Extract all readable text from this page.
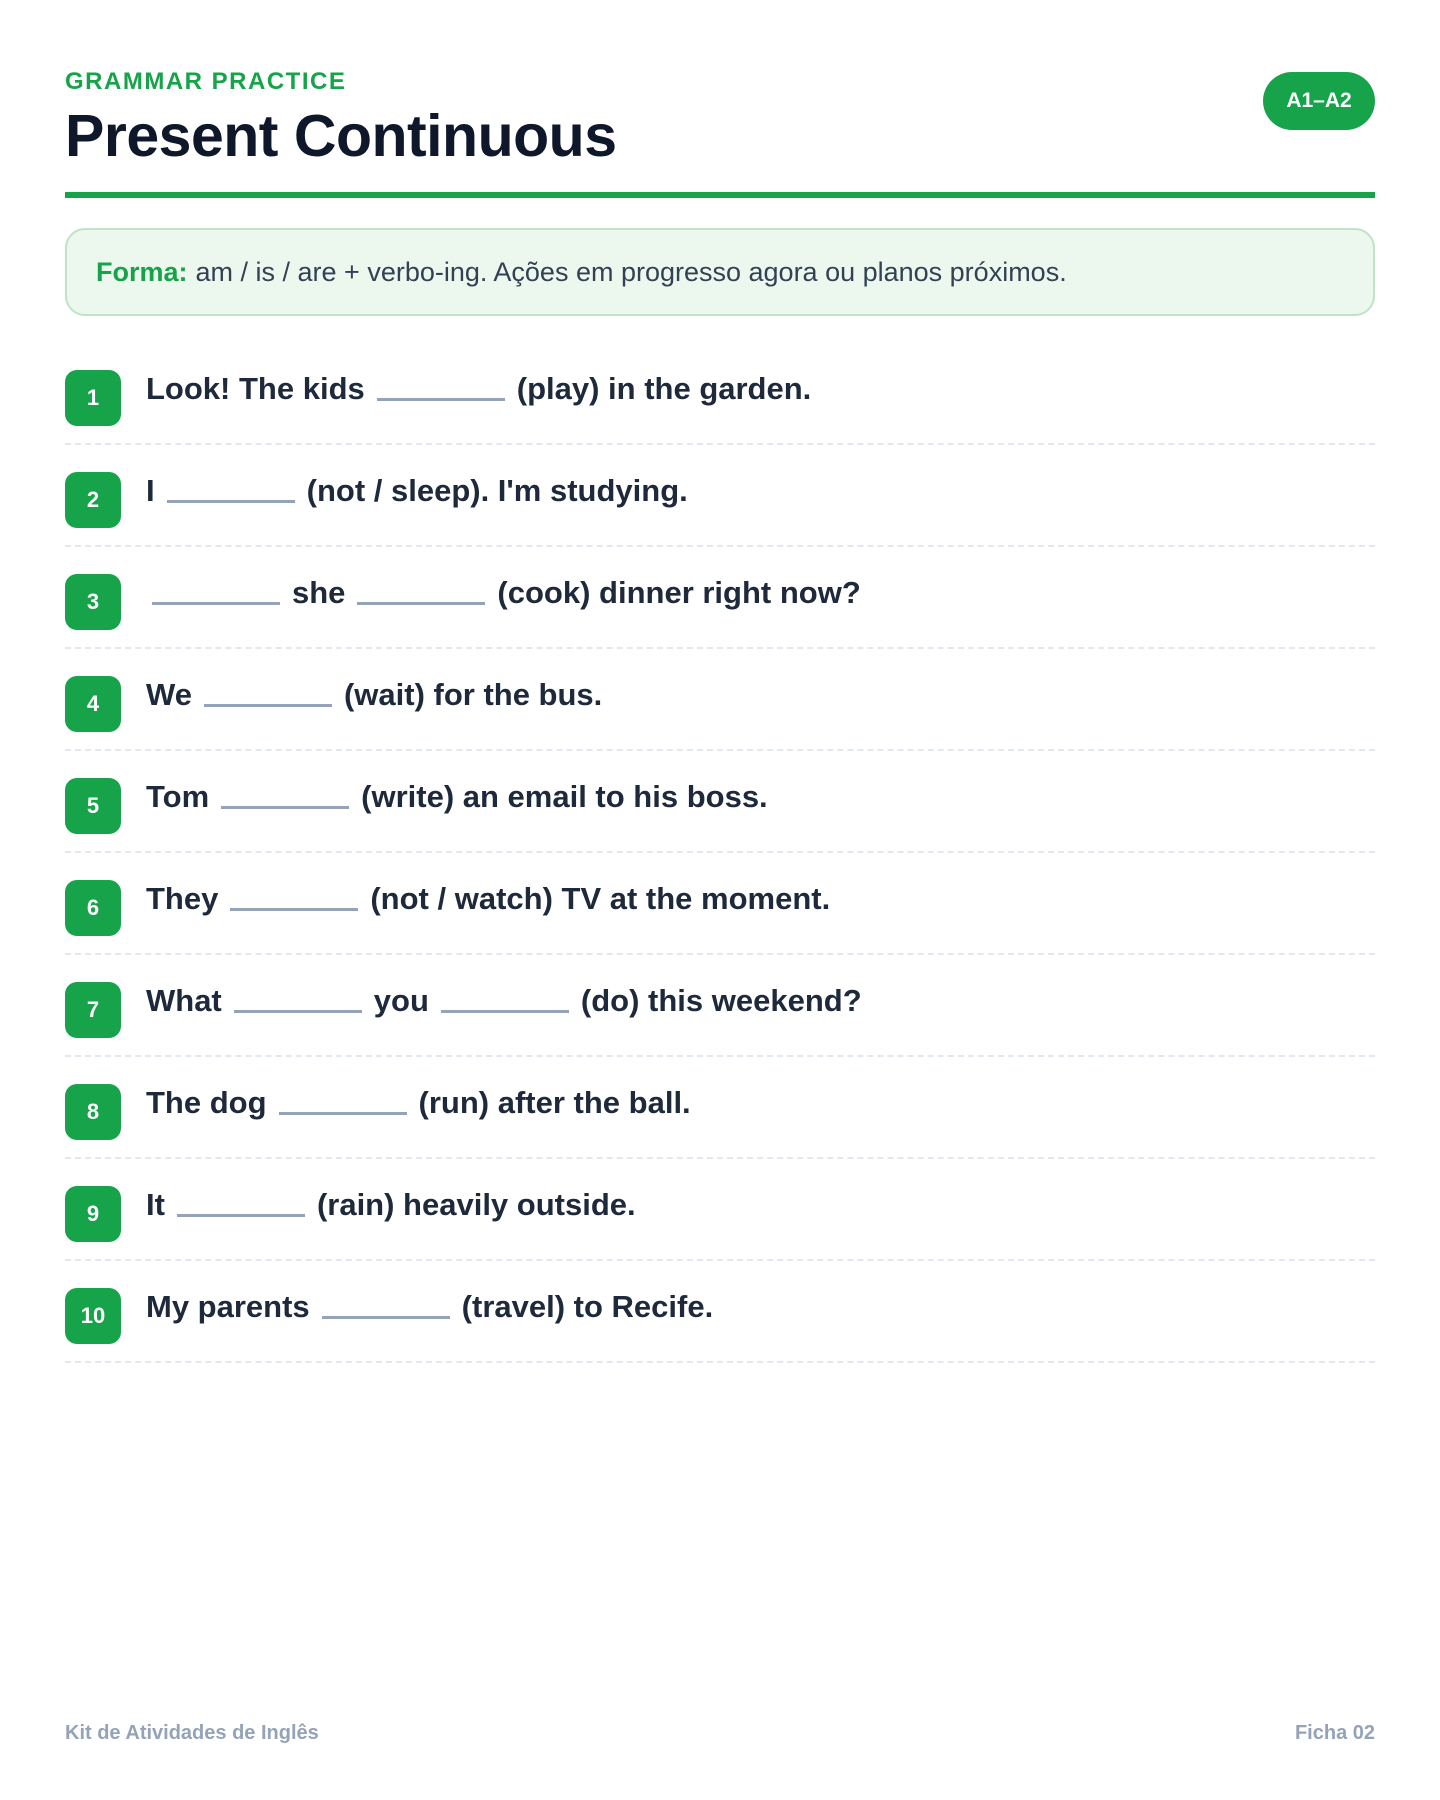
GRAMMAR PRACTICE
Present Continuous
A1–A2
Forma: am / is / are + verbo-ing. Ações em progresso agora ou planos próximos.
1	Look! The kids	(play) in the garden.
2	I	(not / sleep). I'm studying.
3	she	(cook) dinner right now?
4	We	(wait) for the bus.
5	Tom	(write) an email to his boss.
6	They	(not / watch) TV at the moment.
7	What	you	(do) this weekend?
8	The dog	(run) after the ball.
9	It	(rain) heavily outside.
10	My parents	(travel) to Recife.
Kit de Atividades de Inglês	Ficha 02
